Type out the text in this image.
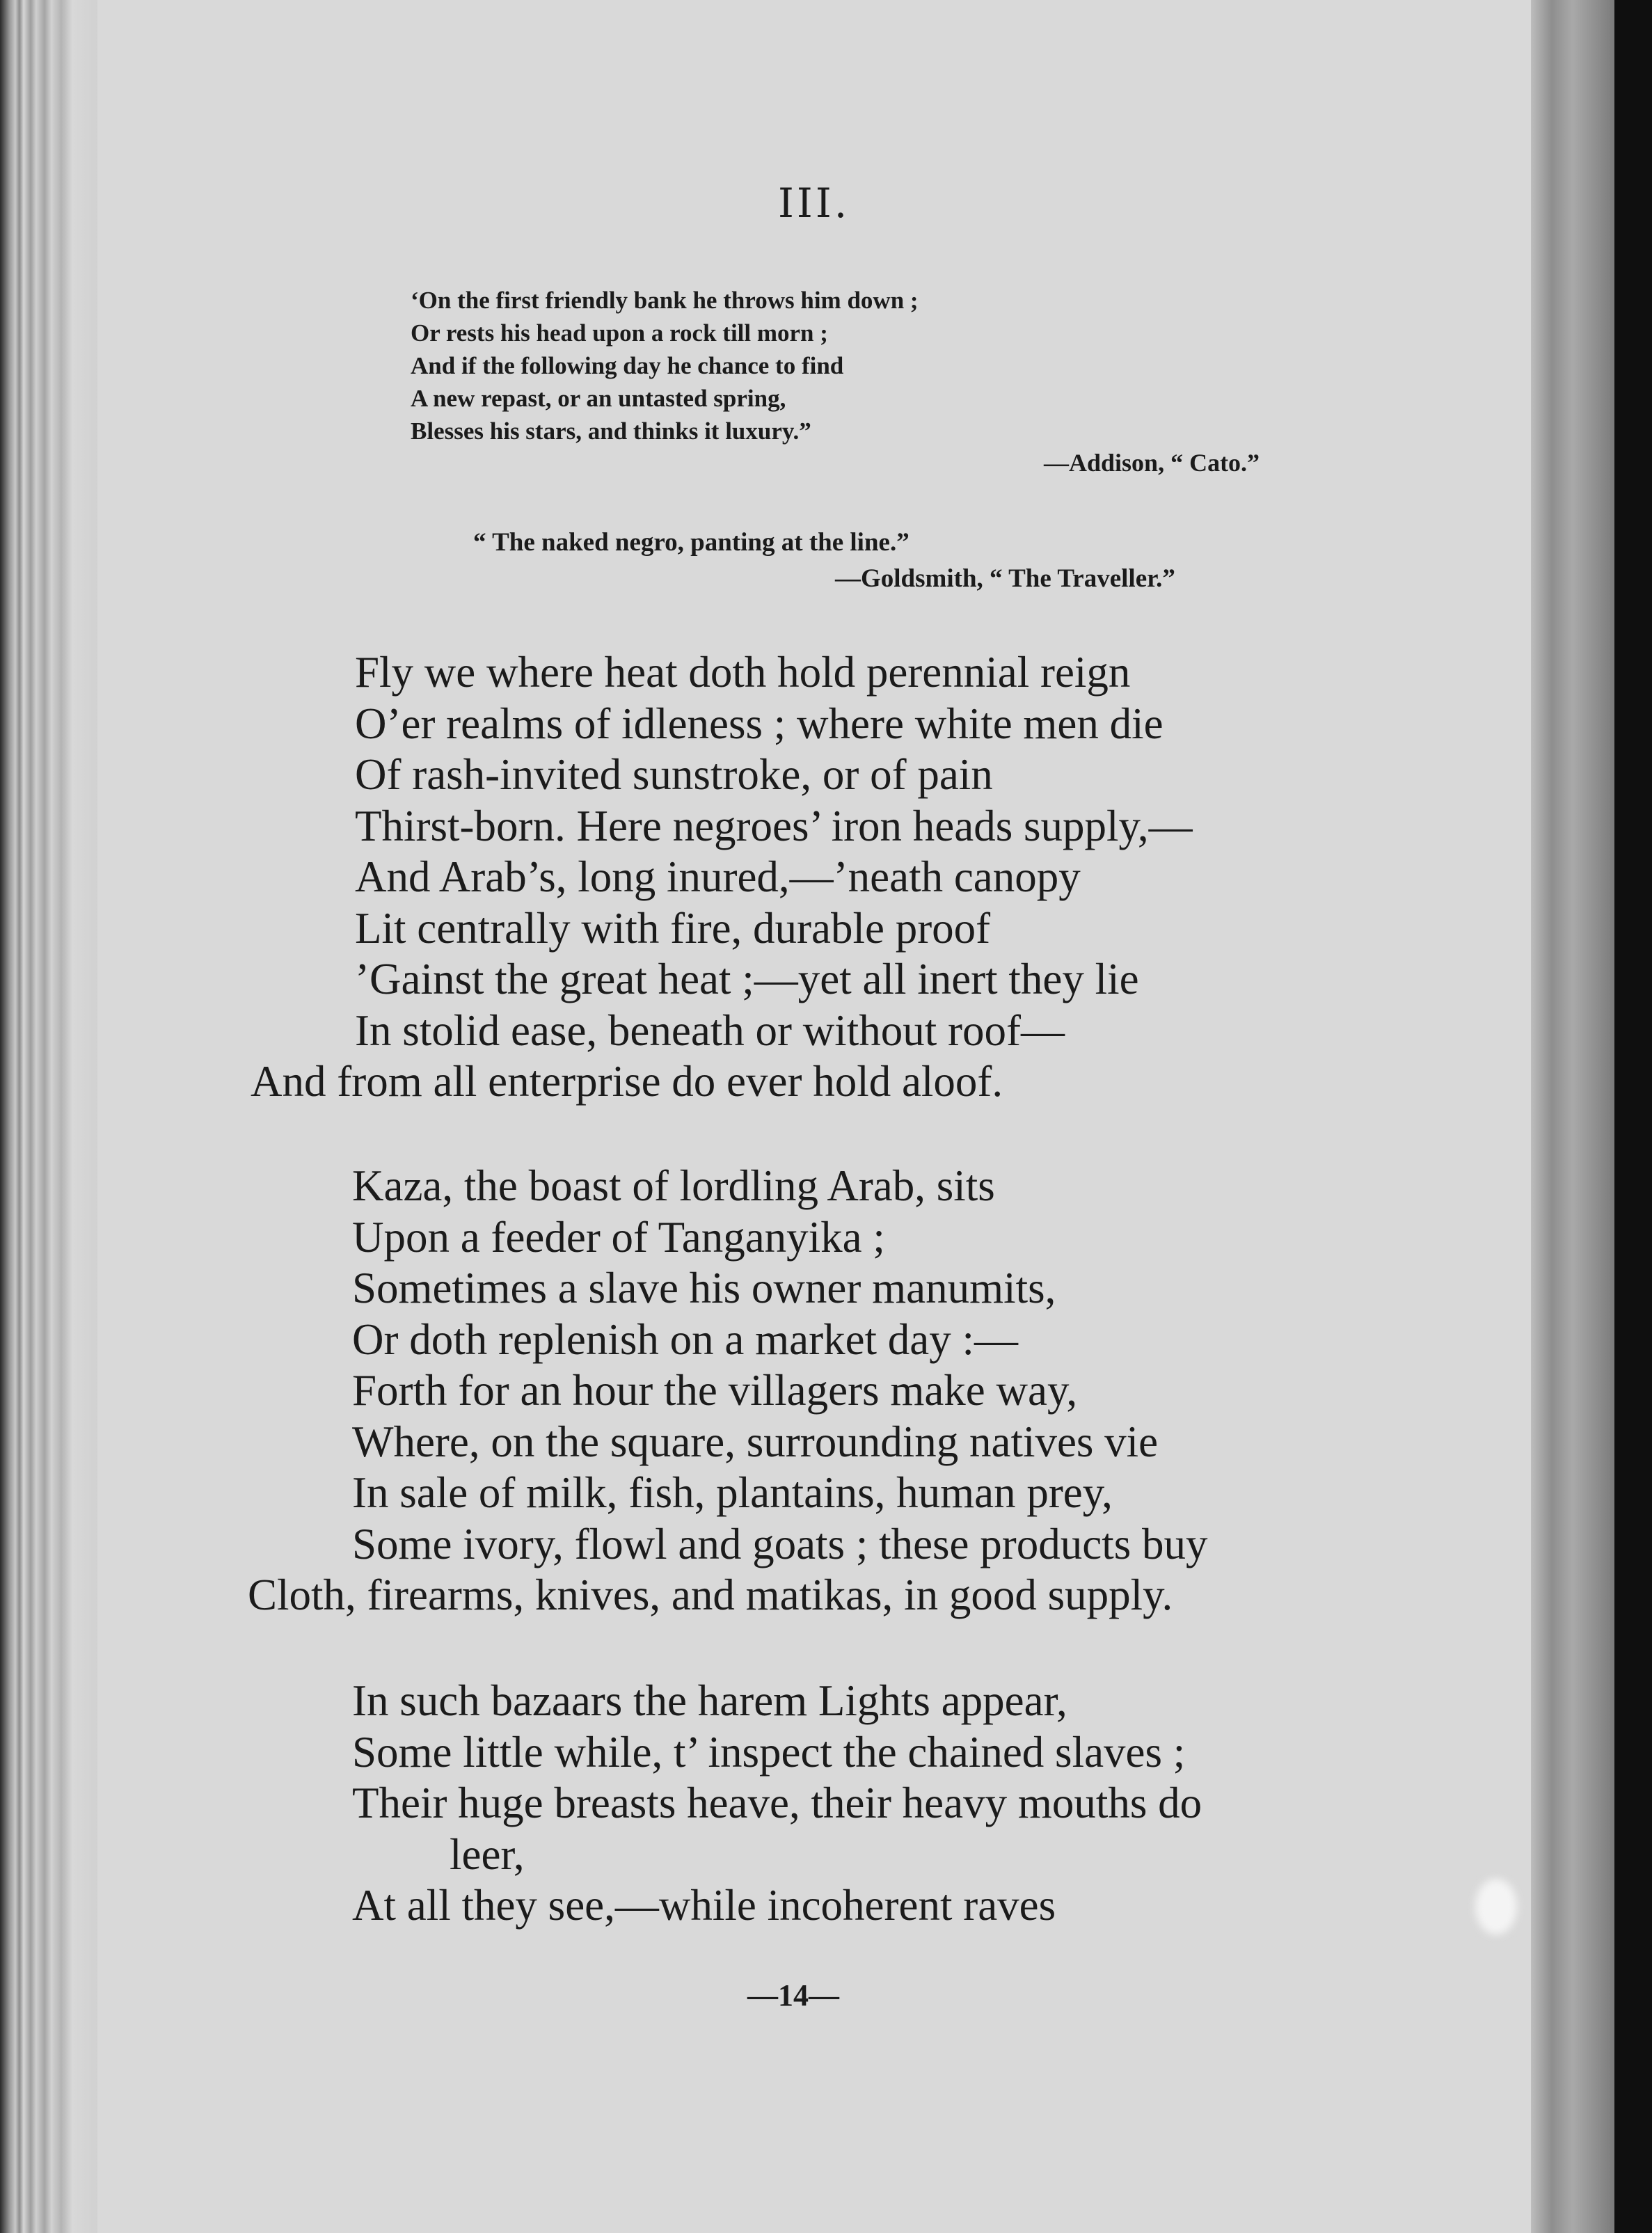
III.

‘On the first friendly bank he throws him down ;
Or rests his head upon a rock till morn ;
And if the following day he chance to find
A new repast, or an untasted spring,
Blesses his stars, and thinks it luxury.”

—Addison, “ Cato.”

“ The naked negro, panting at the line.”

—Goldsmith, “ The Traveller.”

Fly we where heat doth hold perennial reign
O’er realms of idleness ; where white men die
Of rash-invited sunstroke, or of pain
Thirst-born. Here negroes’ iron heads supply,—
And Arab’s, long inured,—’neath canopy
Lit centrally with fire, durable proof
’Gainst the great heat ;—yet all inert they lie
In stolid ease, beneath or without roof—
And from all enterprise do ever hold aloof.
Kaza, the boast of lordling Arab, sits
Upon a feeder of Tanganyika ;
Sometimes a slave his owner manumits,
Or doth replenish on a market day :—
Forth for an hour the villagers make way,
Where, on the square, surrounding natives vie
In sale of milk, fish, plantains, human prey,
Some ivory, flowl and goats ; these products buy
Cloth, firearms, knives, and matikas, in good supply.
In such bazaars the harem Lights appear,
Some little while, t’ inspect the chained slaves ;
Their huge breasts heave, their heavy mouths do
leer,
At all they see,—while incoherent raves

—14—
